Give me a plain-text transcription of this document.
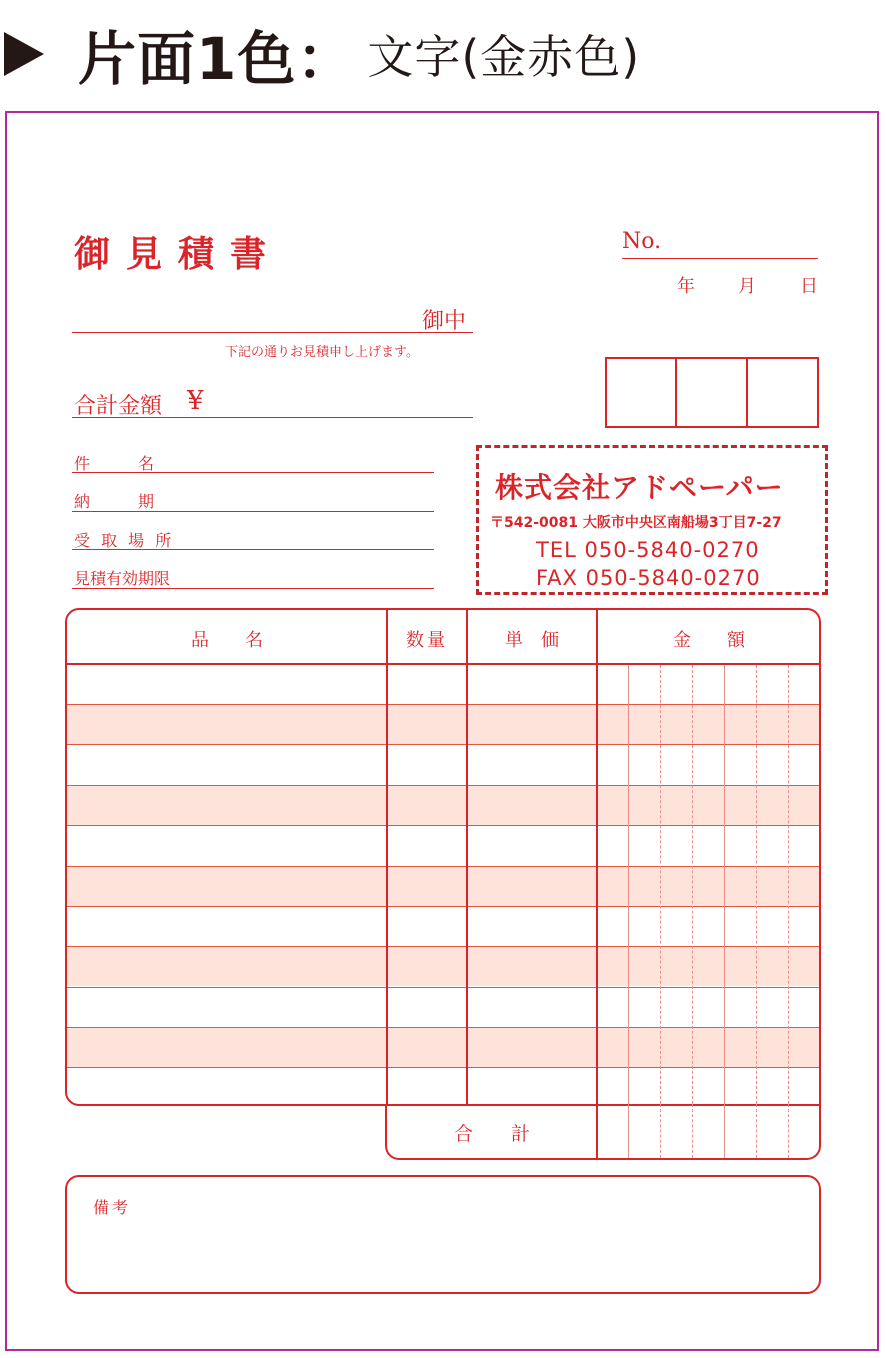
片面1色： 文字(金赤色)
御見積書	No.
年 月 日
御中
下記の通りお見積申し上げます。
合計金額 ¥
件　　　名
納　　　期
受 取 場 所
見積有効期限
株式会社アドペーパー
〒542-0081 大阪市中央区南船場3丁目7-27
TEL 050-5840-0270
FAX 050-5840-0270
品　　名	数量	単　価	金　　額
合　　計
備考
